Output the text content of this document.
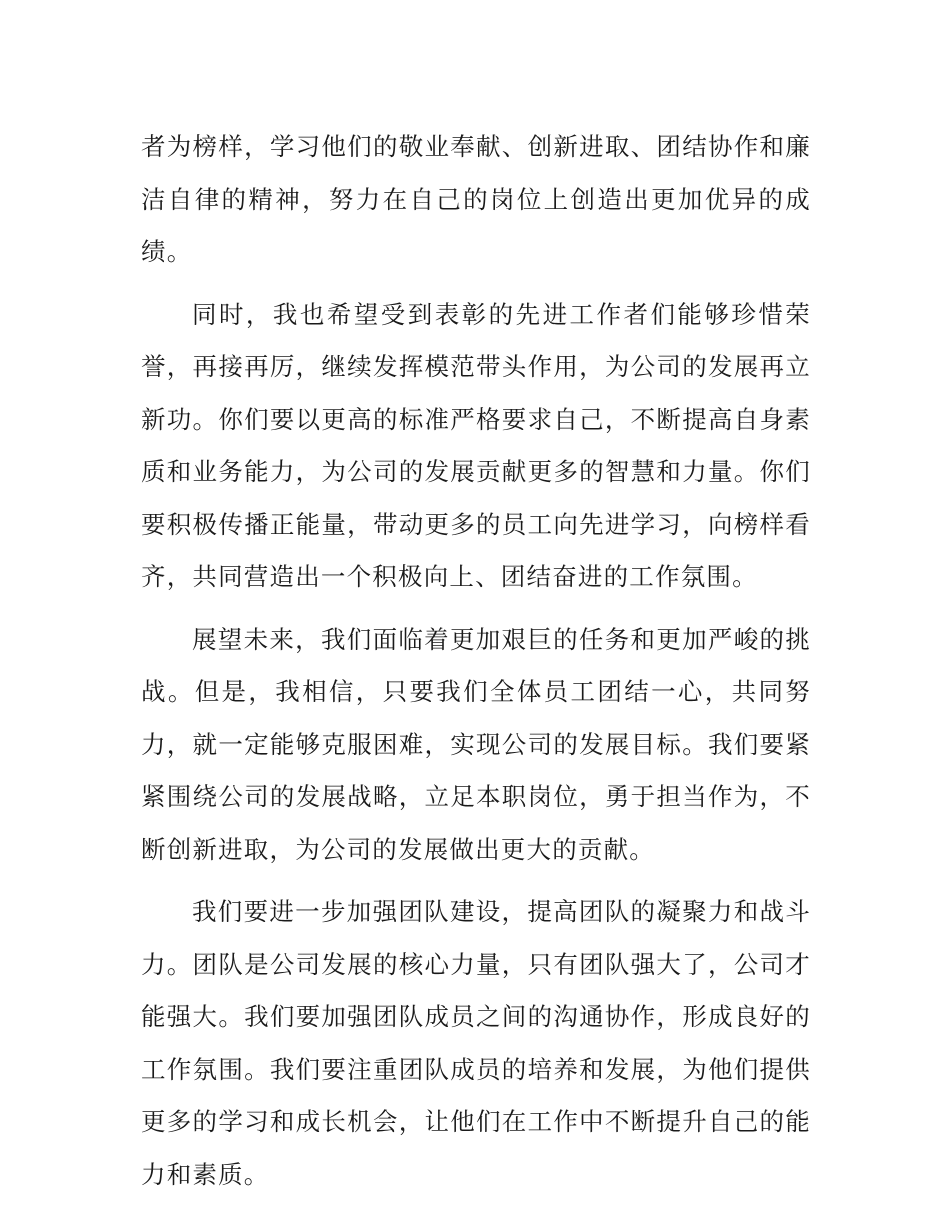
者为榜样，学习他们的敬业奉献、创新进取、团结协作和廉洁自律的精神，努力在自己的岗位上创造出更加优异的成绩。

同时，我也希望受到表彰的先进工作者们能够珍惜荣誉，再接再厉，继续发挥模范带头作用，为公司的发展再立新功。你们要以更高的标准严格要求自己，不断提高自身素质和业务能力，为公司的发展贡献更多的智慧和力量。你们要积极传播正能量，带动更多的员工向先进学习，向榜样看齐，共同营造出一个积极向上、团结奋进的工作氛围。

展望未来，我们面临着更加艰巨的任务和更加严峻的挑战。但是，我相信，只要我们全体员工团结一心，共同努力，就一定能够克服困难，实现公司的发展目标。我们要紧紧围绕公司的发展战略，立足本职岗位，勇于担当作为，不断创新进取，为公司的发展做出更大的贡献。

我们要进一步加强团队建设，提高团队的凝聚力和战斗力。团队是公司发展的核心力量，只有团队强大了，公司才能强大。我们要加强团队成员之间的沟通协作，形成良好的工作氛围。我们要注重团队成员的培养和发展，为他们提供更多的学习和成长机会，让他们在工作中不断提升自己的能力和素质。
